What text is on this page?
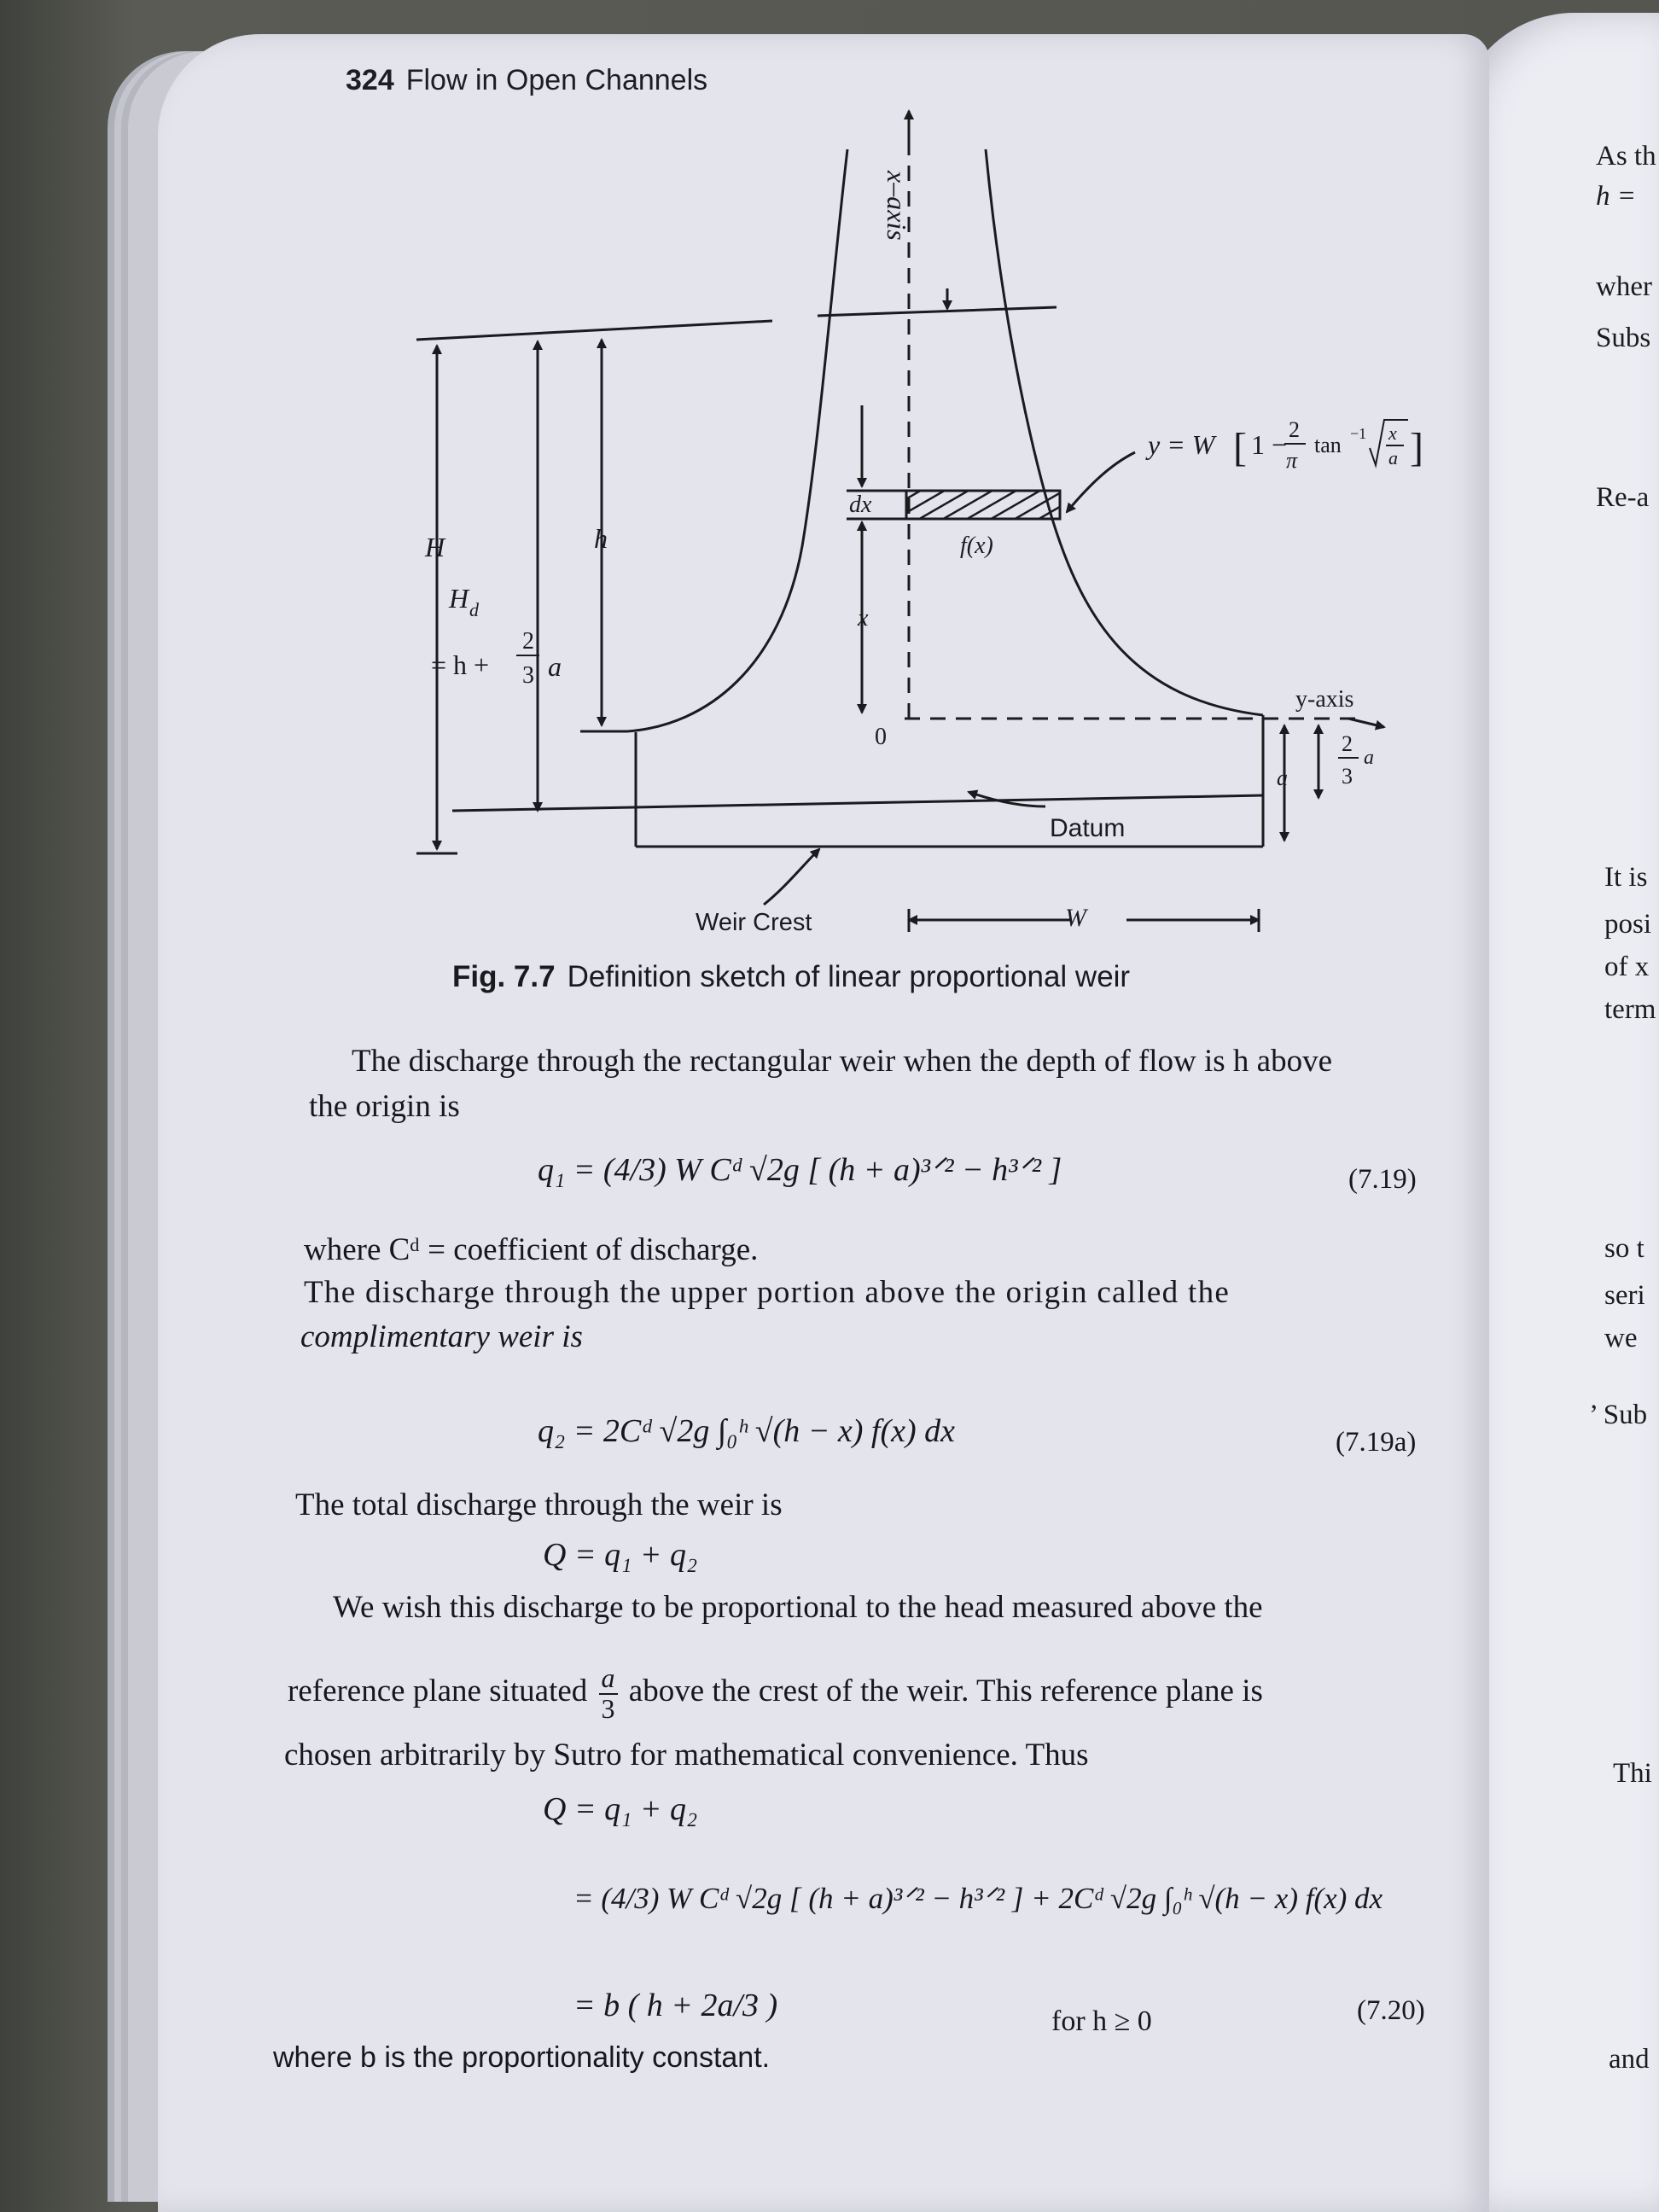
324 Flow in Open Channels
x–axis
y-axis
H	h
H d
= h +
2
3 a
dx
f(x)
x
0
a
2
3
a
Datum
Weir Crest	W
y = W [ 1 − 2
π
tan −1 x
a ]
Fig. 7.7 Definition sketch of linear proportional weir
The discharge through the rectangular weir when the depth of flow is h above
the origin is
q₁ = (4/3) W Cᵈ √2g [ (h + a)³ᐟ² − h³ᐟ² ]	(7.19)
where Cᵈ = coefficient of discharge.
The discharge through the upper portion above the origin called the
complimentary weir is
q₂ = 2Cᵈ √2g ∫₀ʰ √(h − x) f(x) dx	(7.19a)
The total discharge through the weir is
Q = q₁ + q₂
We wish this discharge to be proportional to the head measured above the
reference plane situated $\frac{a}{3}$ above the crest of the weir. This reference plane is
chosen arbitrarily by Sutro for mathematical convenience. Thus
Q = q₁ + q₂
= (4/3) W Cᵈ √2g [ (h + a)³ᐟ² − h³ᐟ² ] + 2Cᵈ √2g ∫₀ʰ √(h − x) f(x) dx
= b ( h + 2a/3 )	for h ≥ 0	(7.20)
where b is the proportionality constant.
As th
h =
wher
Subs
Re-a
It is
posi
of x
term
so t
seri
we
’ Sub
Thi
and
